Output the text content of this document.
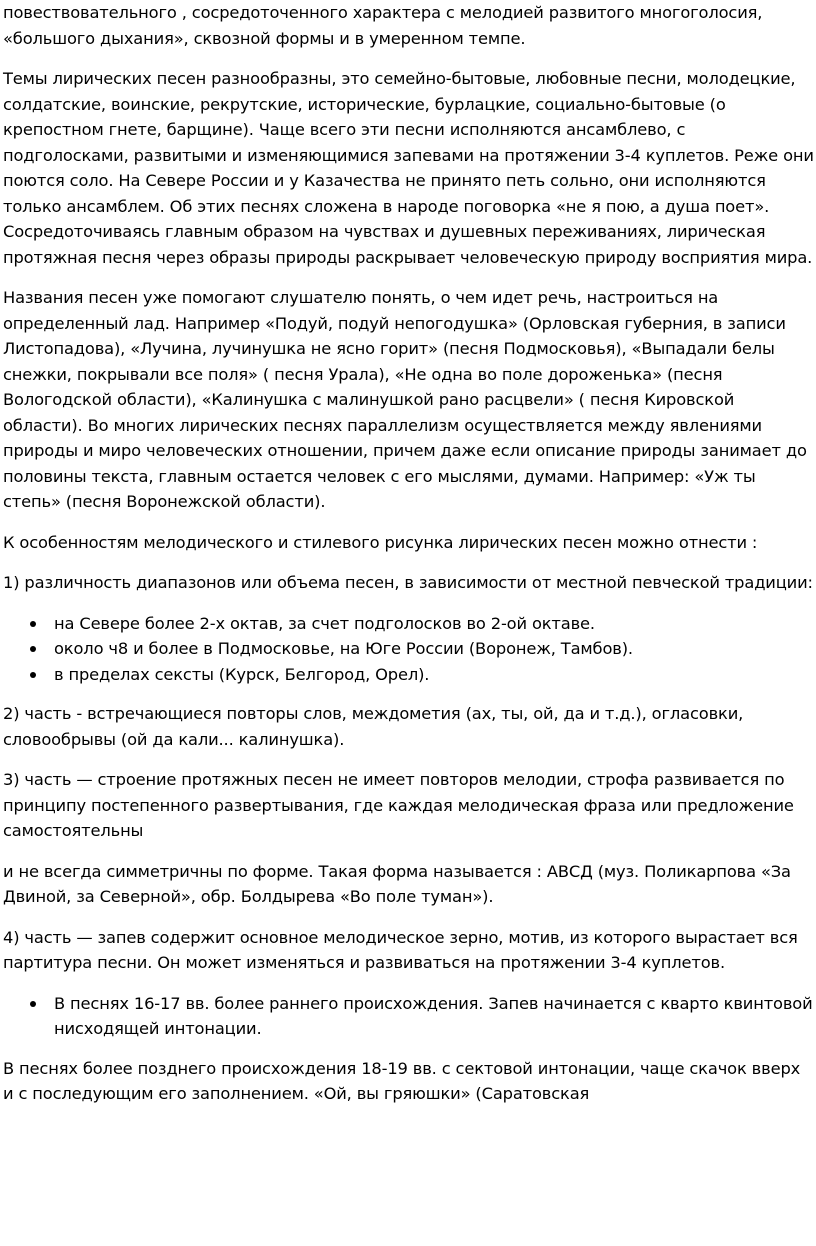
повествовательного , сосредоточенного характера с мелодией развитого многоголосия, «большого дыхания», сквозной формы и в умеренном темпе.

Темы лирических песен разнообразны, это семейно-бытовые, любовные песни, молодецкие, солдатские, воинские, рекрутские, исторические, бурлацкие, социально-бытовые (о крепостном гнете, барщине). Чаще всего эти песни исполняются ансамблево, с подголосками, развитыми и изменяющимися запевами на протяжении 3-4 куплетов. Реже они поются соло. На Севере России и у Казачества не принято петь сольно, они исполняются только ансамблем. Об этих песнях сложена в народе поговорка «не я пою, а душа поет». Сосредоточиваясь главным образом на чувствах и душевных переживаниях, лирическая протяжная песня через образы природы раскрывает человеческую природу восприятия мира.

Названия песен уже помогают слушателю понять, о чем идет речь, настроиться на определенный лад. Например «Подуй, подуй непогодушка» (Орловская губерния, в записи Листопадова), «Лучина, лучинушка не ясно горит» (песня Подмосковья), «Выпадали белы снежки, покрывали все поля» ( песня Урала), «Не одна во поле дороженька» (песня Вологодской области), «Калинушка с малинушкой рано расцвели» ( песня Кировской области). Во многих лирических песнях параллелизм осуществляется между явлениями природы и миро человеческих отношении, причем даже если описание природы занимает до половины текста, главным остается человек с его мыслями, думами. Например: «Уж ты степь» (песня Воронежской области).

К особенностям мелодического и стилевого рисунка лирических песен можно отнести :

1) различность диапазонов или объема песен, в зависимости от местной певческой традиции:

на Севере более 2-х октав, за счет подголосков во 2-ой октаве.
около ч8 и более в Подмосковье, на Юге России (Воронеж, Тамбов).
в пределах сексты (Курск, Белгород, Орел).

2) часть - встречающиеся повторы слов, междометия (ах, ты, ой, да и т.д.), огласовки, словообрывы (ой да кали... калинушка).

3) часть — строение протяжных песен не имеет повторов мелодии, строфа развивается по принципу постепенного развертывания, где каждая мелодическая фраза или предложение самостоятельны

и не всегда симметричны по форме. Такая форма называется : АВСД (муз. Поликарпова «За Двиной, за Северной», обр. Болдырева «Во поле туман»).

4) часть — запев содержит основное мелодическое зерно, мотив, из которого вырастает вся партитура песни. Он может изменяться и развиваться на протяжении 3-4 куплетов.

В песнях 16-17 вв. более раннего происхождения. Запев начинается с кварто квинтовой нисходящей интонации.

В песнях более позднего происхождения 18-19 вв. с сектовой интонации, чаще скачок вверх и с последующим его заполнением. «Ой, вы гряюшки» (Саратовская
